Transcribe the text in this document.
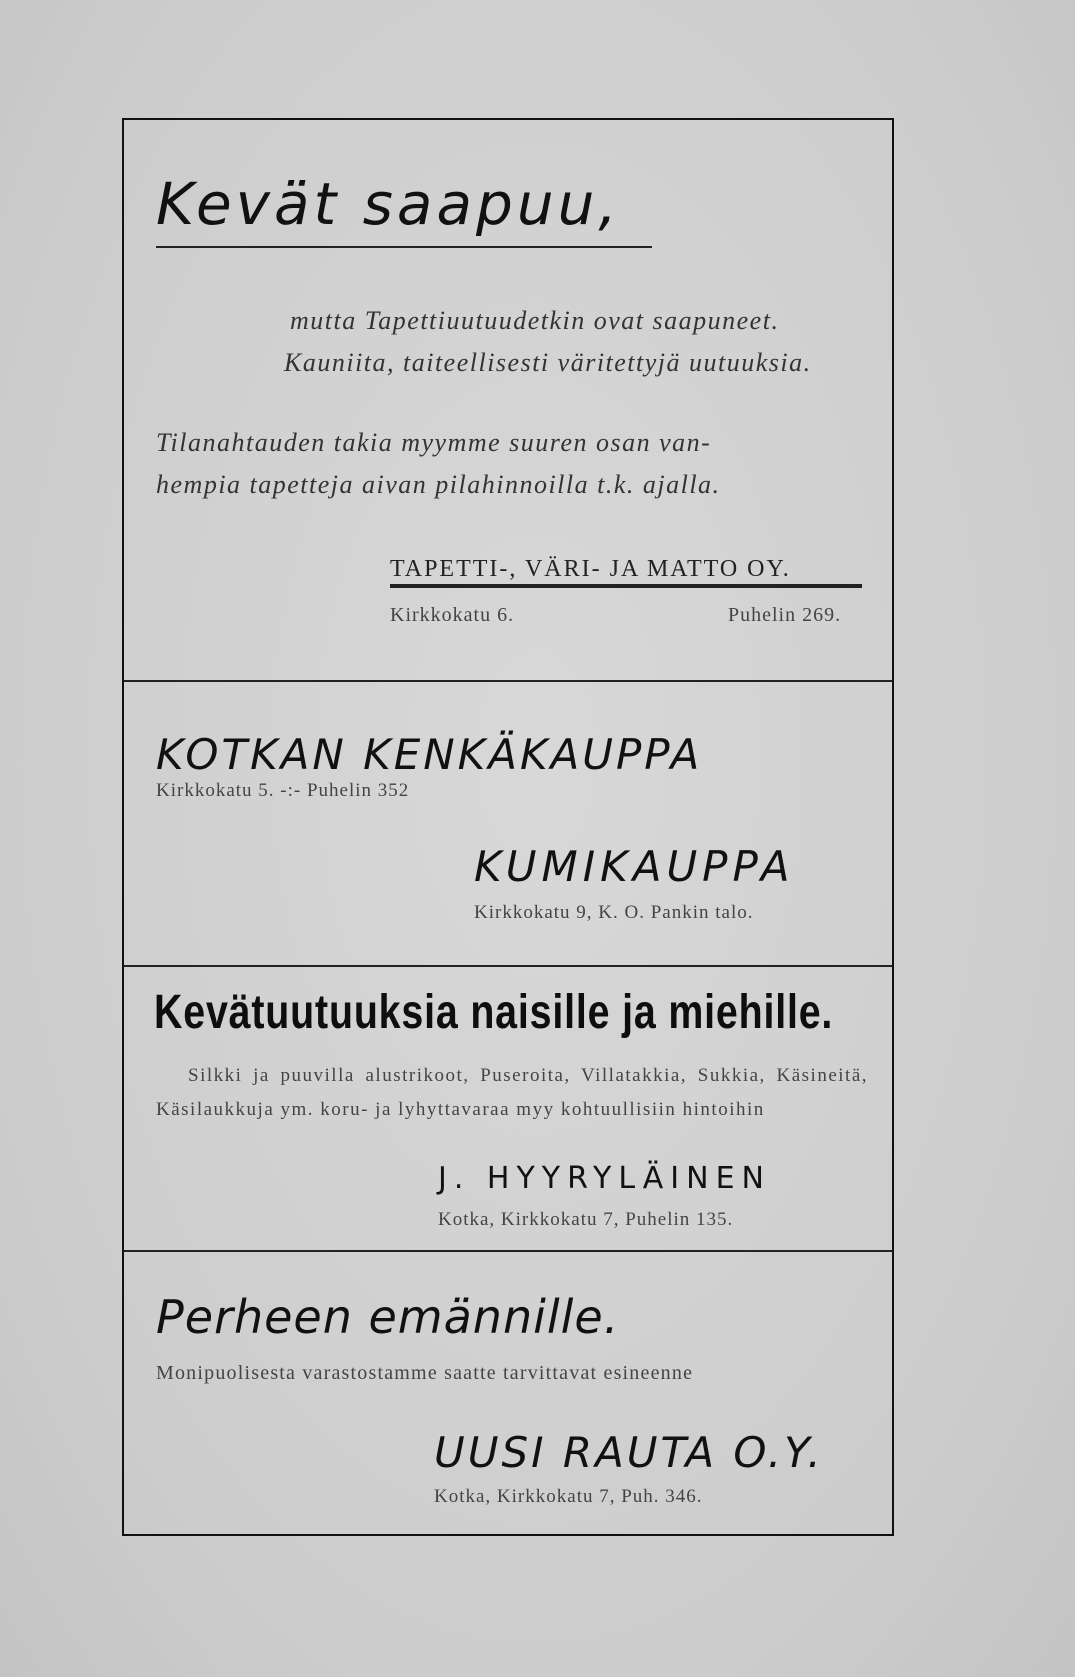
Kevät saapuu,
mutta Tapettiuutuudetkin ovat saapuneet.
Kauniita, taiteellisesti väritettyjä uutuuksia.
Tilanahtauden takia myymme suuren osan van-
hempia tapetteja aivan pilahinnoilla t.k. ajalla.
TAPETTI-, VÄRI- JA MATTO OY.
Kirkkokatu 6.	Puhelin 269.
KOTKAN KENKÄKAUPPA
Kirkkokatu 5. -:- Puhelin 352
KUMIKAUPPA
Kirkkokatu 9, K. O. Pankin talo.
Kevätuutuuksia naisille ja miehille.
Silkki ja puuvilla alustrikoot, Puseroita, Villatakkia, Sukkia, Käsineitä, Käsilaukkuja ym. koru- ja lyhyttavaraa myy kohtuullisiin hintoihin
J. HYYRYLÄINEN
Kotka, Kirkkokatu 7, Puhelin 135.
Perheen emännille.
Monipuolisesta varastostamme saatte tarvittavat esineenne
UUSI RAUTA O.Y.
Kotka, Kirkkokatu 7, Puh. 346.
